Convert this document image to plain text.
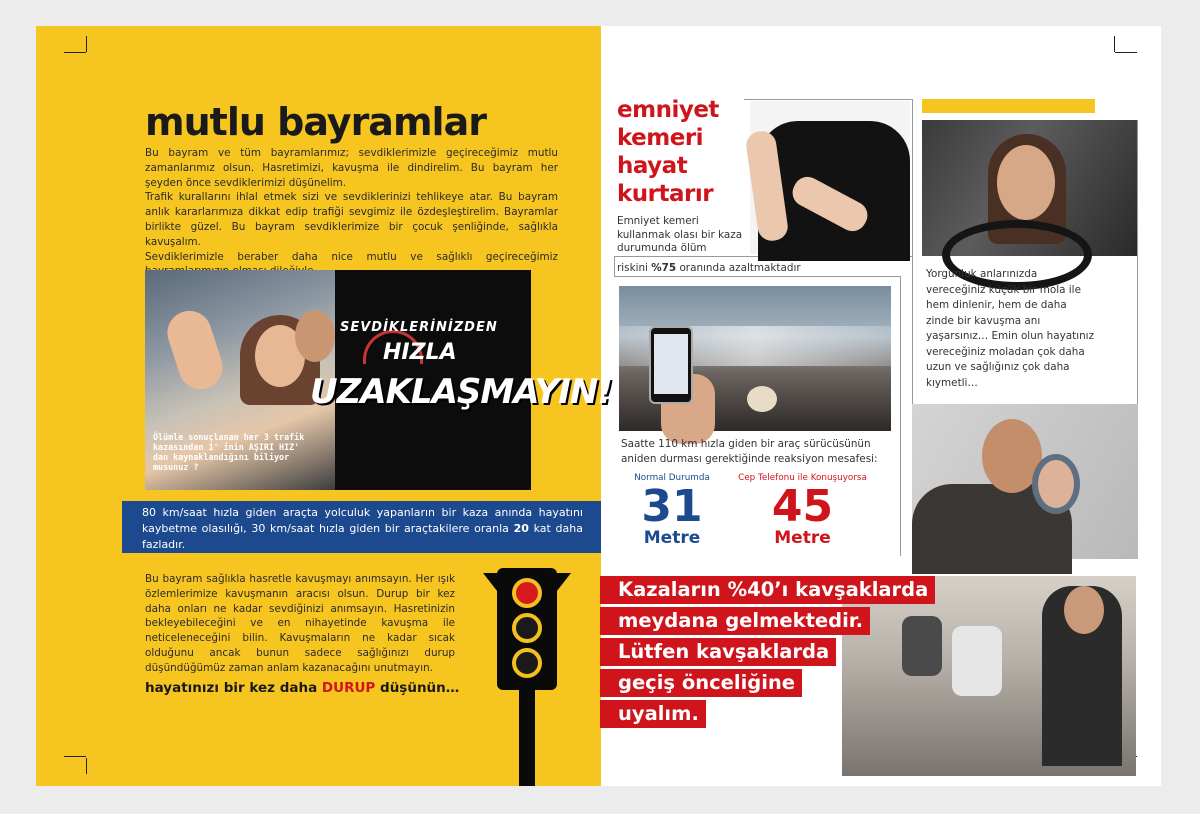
mutlu bayramlar

Bu bayram ve tüm bayramlarımız; sevdiklerimizle geçireceğimiz mutlu zamanlarımız olsun. Hasretimizi, kavuşma ile dindirelim. Bu bayram her şeyden önce sevdiklerimizi düşünelim.

Trafik kurallarını ihlal etmek sizi ve sevdiklerinizi tehlikeye atar. Bu bayram anlık kararlarımıza dikkat edip trafiği sevgimiz ile özdeşleştirelim. Bayramlar birlikte güzel. Bu bayram sevdiklerimize bir çocuk şenliğinde, sağlıkla kavuşalım.

Sevdiklerimizle beraber daha nice mutlu ve sağlıklı geçireceğimiz

SEVDİKLERİNİZDEN
HIZLA
UZAKLAŞMAYIN!
Ölümle sonuçlanan her 3 trafik kazasından 1' inin AŞIRI HIZ' dan kaynaklandığını biliyor musunuz ?
80 km/saat hızla giden araçta yolculuk yapanların bir kaza anında hayatını kaybetme olasılığı, 30 km/saat hızla giden bir araçtakilere oranla 20 kat daha fazladır.
Bu bayram sağlıkla hasretle kavuşmayı anımsayın. Her ışık özlemlerimize kavuşmanın aracısı olsun. Durup bir kez daha onları ne kadar sevdiğinizi anımsayın. Hasretinizin bekleyebileceğini ve en nihayetinde kavuşma ile neticeleneceğini bilin. Kavuşmaların ne kadar sıcak olduğunu ancak bunun sadece sağlığınızı durup düşündüğümüz zaman anlam kazanacağını unutmayın.
hayatınızı bir kez daha DURUP düşünün…
emniyet
kemeri
hayat
kurtarır
Emniyet kemeri kullanmak olası bir kaza durumunda ölüm
riskini %75 oranında azaltmaktadır	Yorgunluk anlarınızda vereceğiniz küçük bir mola ile hem dinlenir, hem de daha zinde bir kavuşma anı yaşarsınız… Emin olun hayatınız vereceğiniz moladan çok daha uzun ve sağlığınız çok daha kıymetli…
Saatte 110 km hızla giden bir araç sürücüsünün aniden durması gerektiğinde reaksiyon mesafesi:
Normal Durumda
31
Metre
Cep Telefonu ile Konuşuyorsa
45
Metre
Kazaların %40’ı kavşaklarda
meydana gelmektedir.
Lütfen kavşaklarda
geçiş önceliğine
uyalım.
